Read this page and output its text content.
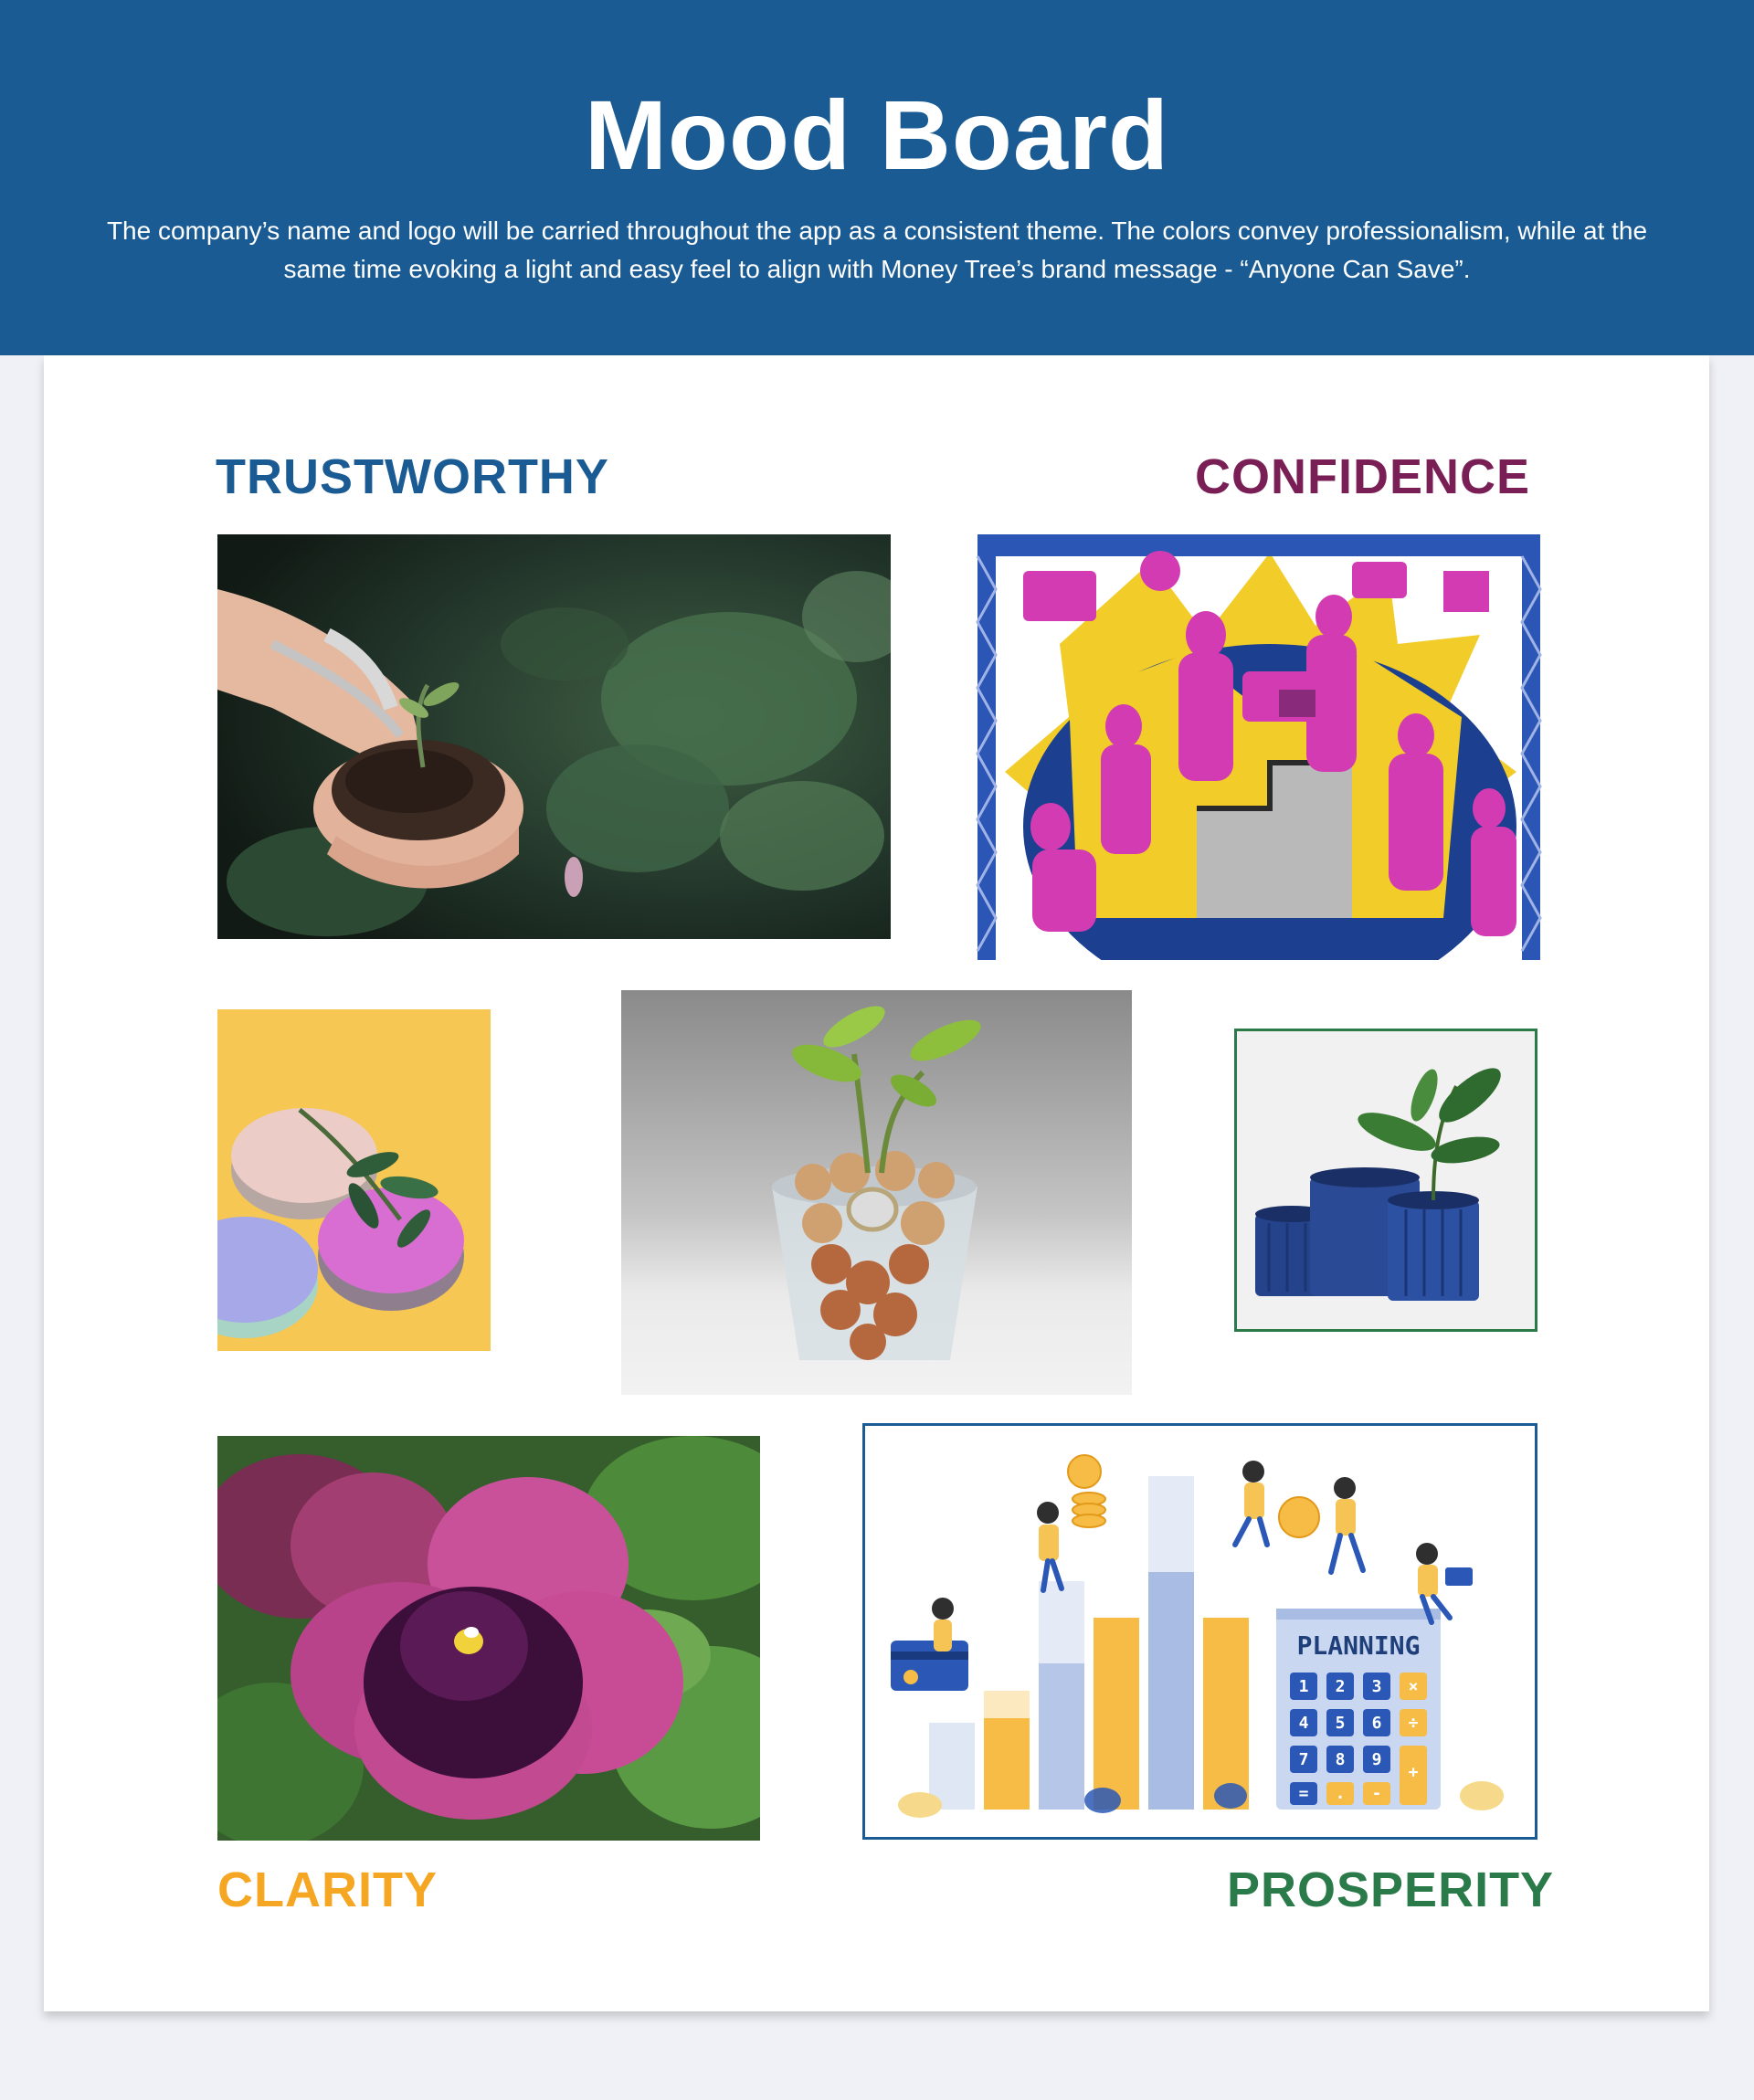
Mood Board

The company’s name and logo will be carried throughout the app as a consistent theme. The colors convey professionalism, while at the same time evoking a light and easy feel to align with Money Tree’s brand message - “Anyone Can Save”.

TRUSTWORTHY	CONFIDENCE
PLANNING
1 2 3 ×
4 5 6 ÷
7 8 9
+
= . -
CLARITY	PROSPERITY
